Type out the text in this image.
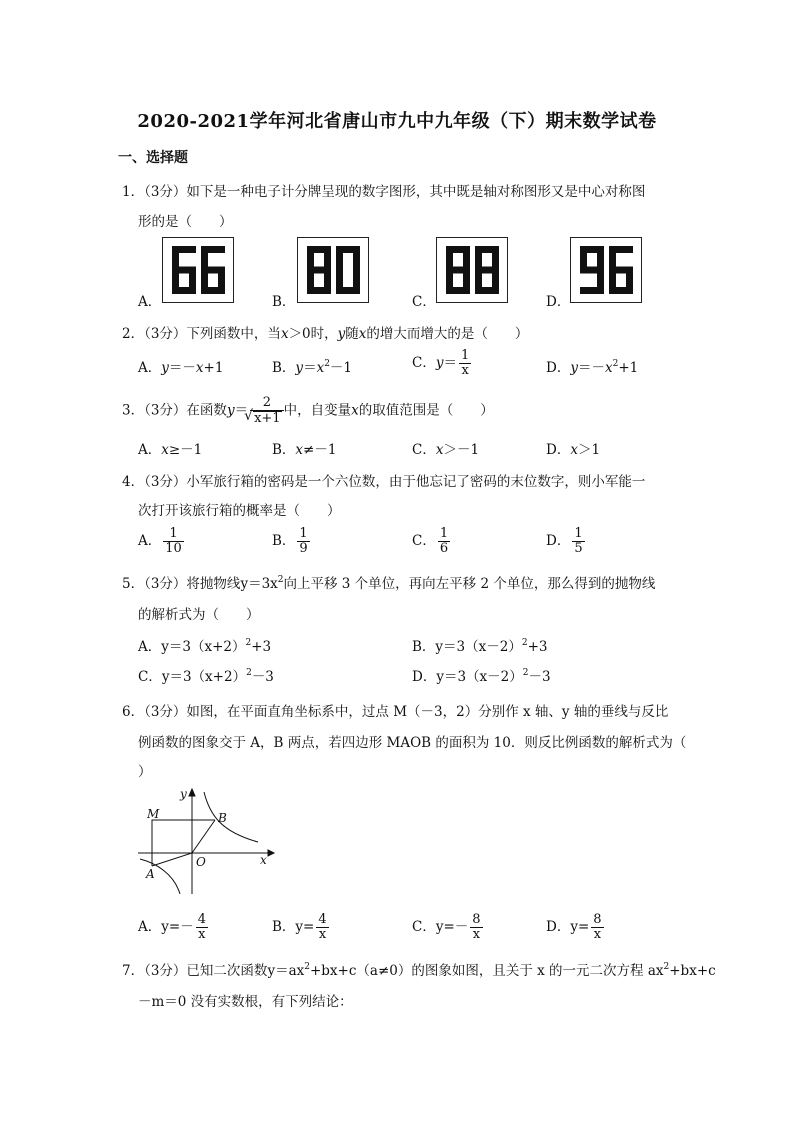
2020-2021学年河北省唐山市九中九年级（下）期末数学试卷
一、选择题
1．（3分）如下是一种电子计分牌呈现的数字图形，其中既是轴对称图形又是中心对称图
形的是（　　）
A．	B．	C．	D．
2．（3分）下列函数中，当x＞0时，y随x的增大而增大的是（　　）
A．y＝－x+1	B．$y=x^2-1$	C．$y= \frac{1}{x}$	D．$y=-x^2+1$
3．（3分）在函数y＝ 2
√ x+1 中，自变量x的取值范围是（　　）
A．x≥－1	B．x≠－1	C．x＞－1	D．x＞1
4．（3分）小军旅行箱的密码是一个六位数，由于他忘记了密码的末位数字，则小军能一
次打开该旅行箱的概率是（　　）
A． $\frac{1}{10}$	B． $\frac{1}{9}$	C． $\frac{1}{6}$	D． $\frac{1}{5}$
5．（3分）将抛物线$y=3x^2$向上平移 3 个单位，再向左平移 2 个单位，那么得到的抛物线
的解析式为（　　）
A．$y=3(x+2)^2+3$	B．$y=3(x-2)^2+3$
C．$y=3(x+2)^2-3$	D．$y=3(x-2)^2-3$
6．（3分）如图，在平面直角坐标系中，过点 M（－3，2）分别作 x 轴、y 轴的垂线与反比
例函数的图象交于 A，B 两点，若四边形 MAOB 的面积为 10．则反比例函数的解析式为（
）
y
x
M	B
O
A
A．$y=- \frac{4}{x}$	B．$y= \frac{4}{x}$	C．$y=- \frac{8}{x}$	D．$y= \frac{8}{x}$
7．（3分）已知二次函数$y=ax^2+bx+c(a\ne 0)$的图象如图，且关于 x 的一元二次方程 $ax^2+bx+c$
－m＝0 没有实数根，有下列结论：
